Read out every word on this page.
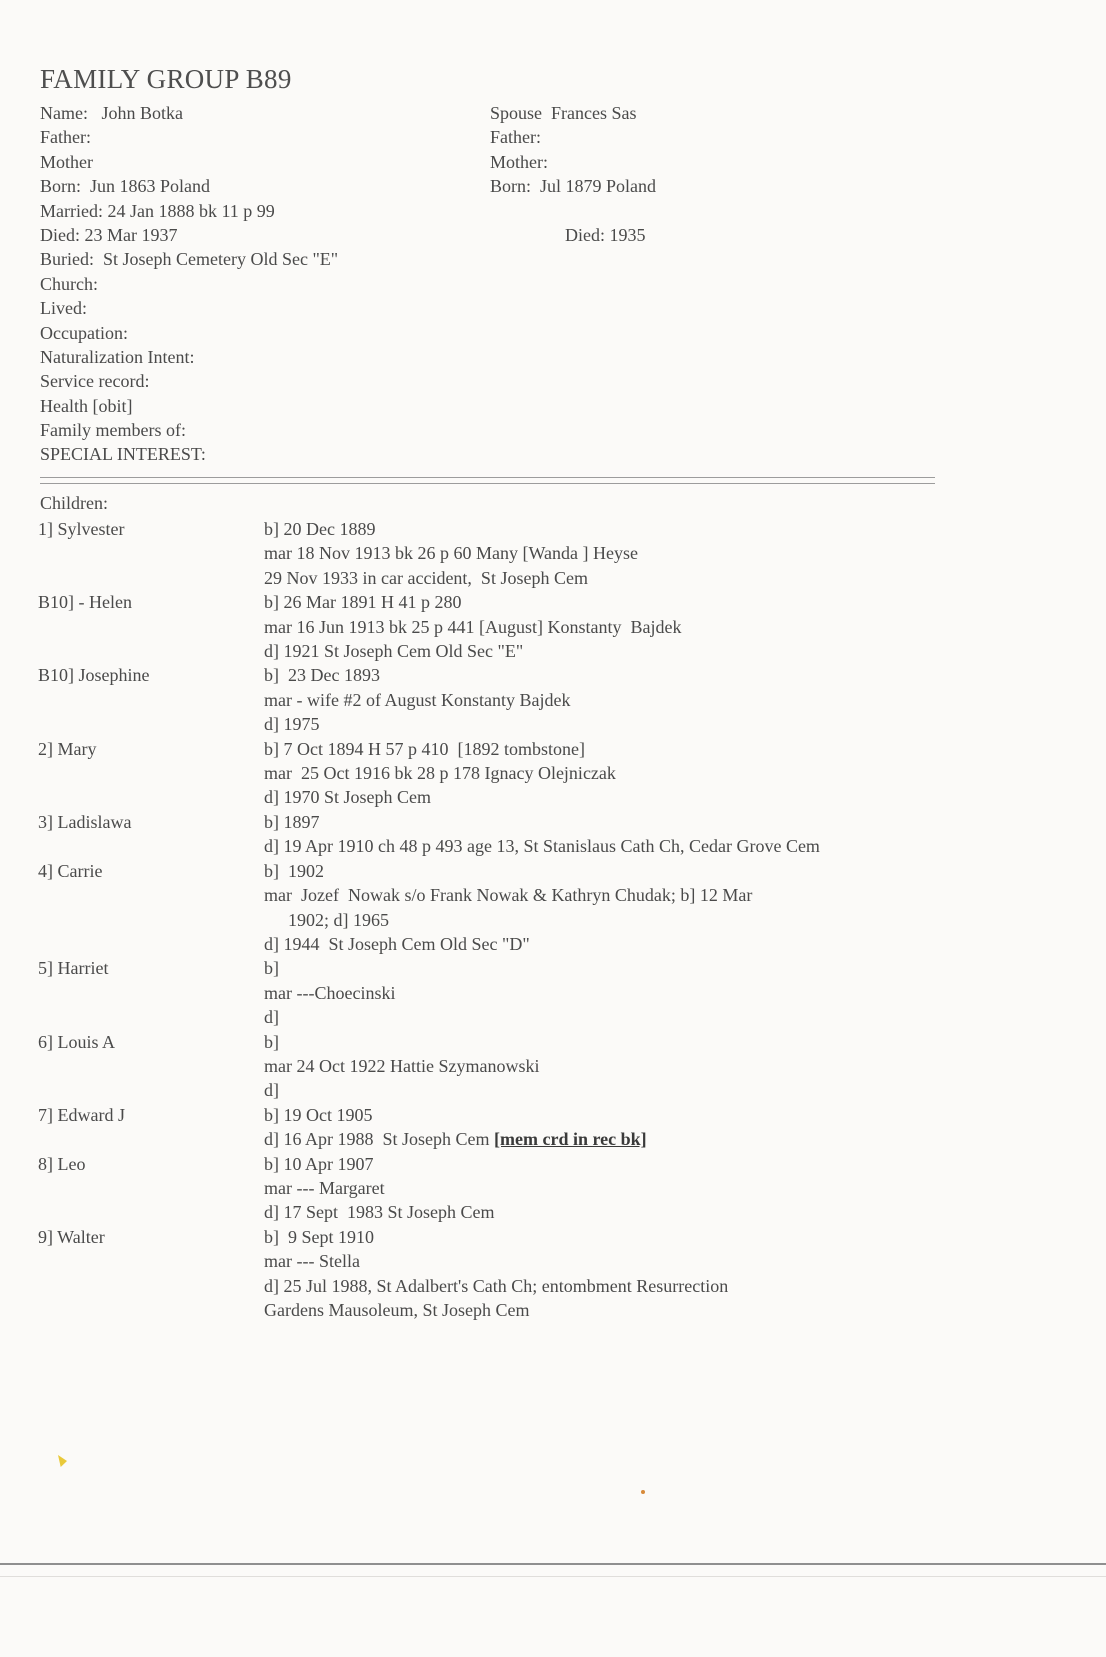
FAMILY GROUP B89
Name:   John Botka
Father:
Mother
Born:  Jun 1863 Poland
Married: 24 Jan 1888 bk 11 p 99
Died: 23 Mar 1937
Buried:  St Joseph Cemetery Old Sec "E"
Church:
Lived:
Occupation:
Naturalization Intent:
Service record:
Health [obit]
Family members of:
SPECIAL INTEREST:
Spouse  Frances Sas
Father:
Mother:
Born:  Jul 1879 Poland
Died: 1935
Children:
1] Sylvester	b] 20 Dec 1889
mar 18 Nov 1913 bk 26 p 60 Many [Wanda ] Heyse
29 Nov 1933 in car accident,  St Joseph Cem
B10] - Helen	b] 26 Mar 1891 H 41 p 280
mar 16 Jun 1913 bk 25 p 441 [August] Konstanty  Bajdek
d] 1921 St Joseph Cem Old Sec "E"
B10] Josephine	b]  23 Dec 1893
mar - wife #2 of August Konstanty Bajdek
d] 1975
2] Mary	b] 7 Oct 1894 H 57 p 410  [1892 tombstone]
mar  25 Oct 1916 bk 28 p 178 Ignacy Olejniczak
d] 1970 St Joseph Cem
3] Ladislawa	b] 1897
d] 19 Apr 1910 ch 48 p 493 age 13, St Stanislaus Cath Ch, Cedar Grove Cem
4] Carrie	b]  1902
mar  Jozef  Nowak s/o Frank Nowak & Kathryn Chudak; b] 12 Mar
1902; d] 1965
d] 1944  St Joseph Cem Old Sec "D"
5] Harriet	b]
mar ---Choecinski
d]
6] Louis A	b]
mar 24 Oct 1922 Hattie Szymanowski
d]
7] Edward J	b] 19 Oct 1905
d] 16 Apr 1988  St Joseph Cem [mem crd in rec bk]
8] Leo	b] 10 Apr 1907
mar --- Margaret
d] 17 Sept  1983 St Joseph Cem
9] Walter	b]  9 Sept 1910
mar --- Stella
d] 25 Jul 1988, St Adalbert's Cath Ch; entombment Resurrection
Gardens Mausoleum, St Joseph Cem
